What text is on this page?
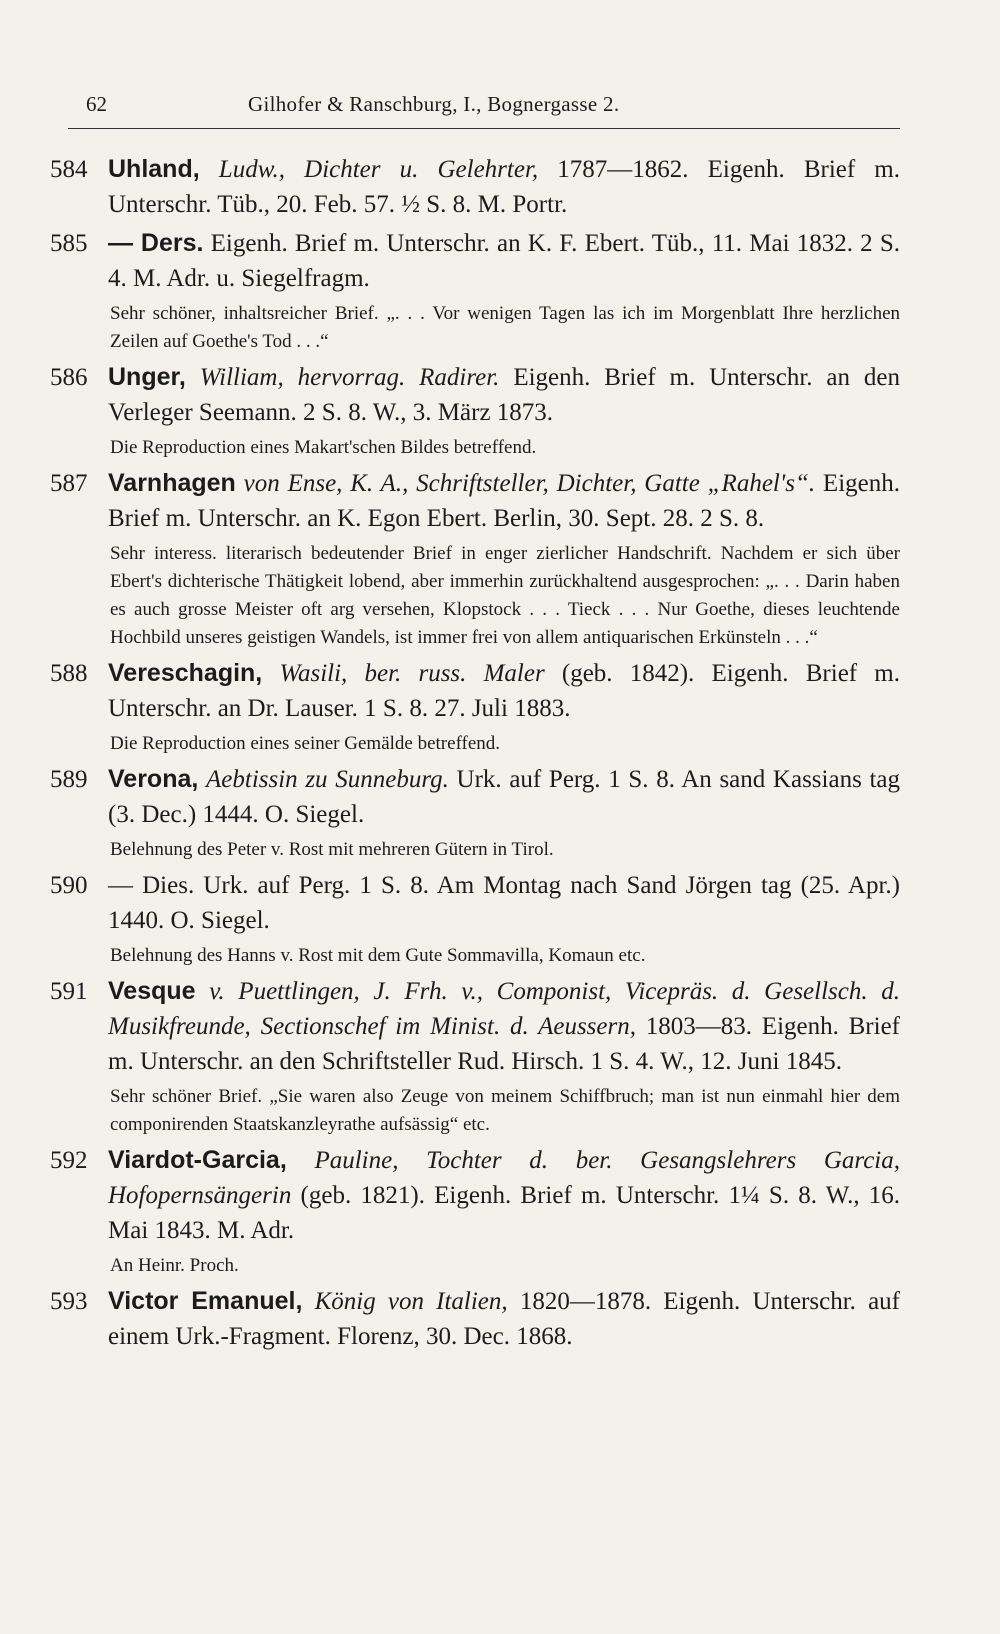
62	Gilhofer & Ranschburg, I., Bognergasse 2.
584 Uhland, Ludw., Dichter u. Gelehrter, 1787—1862. Eigenh. Brief m. Unterschr. Tüb., 20. Feb. 57. ½ S. 8. M. Portr.
585 — Ders. Eigenh. Brief m. Unterschr. an K. F. Ebert. Tüb., 11. Mai 1832. 2 S. 4. M. Adr. u. Siegelfragm.
Sehr schöner, inhaltsreicher Brief. „. . . Vor wenigen Tagen las ich im Morgenblatt Ihre herzlichen Zeilen auf Goethe's Tod . . .“
586 Unger, William, hervorrag. Radirer. Eigenh. Brief m. Unterschr. an den Verleger Seemann. 2 S. 8. W., 3. März 1873.
Die Reproduction eines Makart'schen Bildes betreffend.
587 Varnhagen von Ense, K. A., Schriftsteller, Dichter, Gatte „Rahel's“. Eigenh. Brief m. Unterschr. an K. Egon Ebert. Berlin, 30. Sept. 28. 2 S. 8.
Sehr interess. literarisch bedeutender Brief in enger zierlicher Handschrift. Nachdem er sich über Ebert's dichterische Thätigkeit lobend, aber immerhin zurückhaltend ausgesprochen: „. . . Darin haben es auch grosse Meister oft arg versehen, Klopstock . . . Tieck . . . Nur Goethe, dieses leuchtende Hochbild unseres geistigen Wandels, ist immer frei von allem antiquarischen Erkünsteln . . .“
588 Vereschagin, Wasili, ber. russ. Maler (geb. 1842). Eigenh. Brief m. Unterschr. an Dr. Lauser. 1 S. 8. 27. Juli 1883.
Die Reproduction eines seiner Gemälde betreffend.
589 Verona, Aebtissin zu Sunneburg. Urk. auf Perg. 1 S. 8. An sand Kassians tag (3. Dec.) 1444. O. Siegel.
Belehnung des Peter v. Rost mit mehreren Gütern in Tirol.
590 — Dies. Urk. auf Perg. 1 S. 8. Am Montag nach Sand Jörgen tag (25. Apr.) 1440. O. Siegel.
Belehnung des Hanns v. Rost mit dem Gute Sommavilla, Komaun etc.
591 Vesque v. Puettlingen, J. Frh. v., Componist, Vicepräs. d. Gesellsch. d. Musikfreunde, Sectionschef im Minist. d. Aeussern, 1803—83. Eigenh. Brief m. Unterschr. an den Schriftsteller Rud. Hirsch. 1 S. 4. W., 12. Juni 1845.
Sehr schöner Brief. „Sie waren also Zeuge von meinem Schiffbruch; man ist nun einmahl hier dem componirenden Staatskanzleyrathe aufsässig“ etc.
592 Viardot-Garcia, Pauline, Tochter d. ber. Gesangslehrers Garcia, Hofopernsängerin (geb. 1821). Eigenh. Brief m. Unterschr. 1¼ S. 8. W., 16. Mai 1843. M. Adr.
An Heinr. Proch.
593 Victor Emanuel, König von Italien, 1820—1878. Eigenh. Unterschr. auf einem Urk.-Fragment. Florenz, 30. Dec. 1868.
